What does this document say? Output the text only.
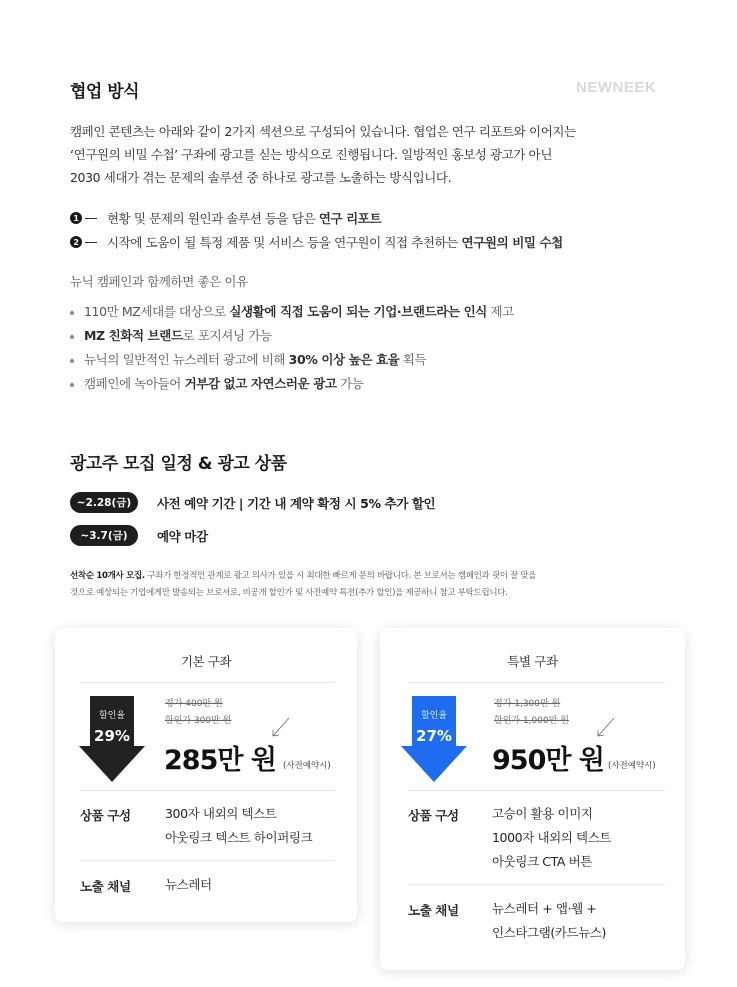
협업 방식	NEWNEEK
캠페인 콘텐츠는 아래와 같이 2가지 섹션으로 구성되어 있습니다. 협업은 연구 리포트와 이어지는
‘연구원의 비밀 수첩’ 구좌에 광고를 싣는 방식으로 진행됩니다. 일방적인 홍보성 광고가 아닌
2030 세대가 겪는 문제의 솔루션 중 하나로 광고를 노출하는 방식입니다.
1 현황 및 문제의 원인과 솔루션 등을 담은 연구 리포트
2 시작에 도움이 될 특정 제품 및 서비스 등을 연구원이 직접 추천하는 연구원의 비밀 수첩
뉴닉 캠페인과 함께하면 좋은 이유
110만 MZ세대를 대상으로 실생활에 직접 도움이 되는 기업·브랜드라는 인식 제고
MZ 친화적 브랜드로 포지셔닝 가능
뉴닉의 일반적인 뉴스레터 광고에 비해 30% 이상 높은 효율 획득
캠페인에 녹아들어 거부감 없고 자연스러운 광고 가능
광고주 모집 일정 & 광고 상품
~2.28(금)	사전 예약 기간 | 기간 내 계약 확정 시 5% 추가 할인
~3.7(금)	예약 마감
선착순 10개사 모집. 구좌가 한정적인 관계로 광고 의사가 있을 시 최대한 빠르게 문의 바랍니다. 본 브로셔는 캠페인과 핏이 잘 맞을
것으로 예상되는 기업에게만 발송되는 브로셔로, 비공개 할인가 및 사전예약 특전(추가 할인)을 제공하니 참고 부탁드립니다.
기본 구좌
할인율
29%
정가 400만 원
할인가 300만 원
285만 원 (사전예약시)
상품 구성	300자 내외의 텍스트
아웃링크 텍스트 하이퍼링크
노출 채널	뉴스레터
특별 구좌
할인율
27%
정가 1,300만 원
할인가 1,000만 원
950만 원 (사전예약시)
상품 구성	고승이 활용 이미지
1000자 내외의 텍스트
아웃링크 CTA 버튼
노출 채널	뉴스레터 + 앱·웹 +
인스타그램(카드뉴스)
